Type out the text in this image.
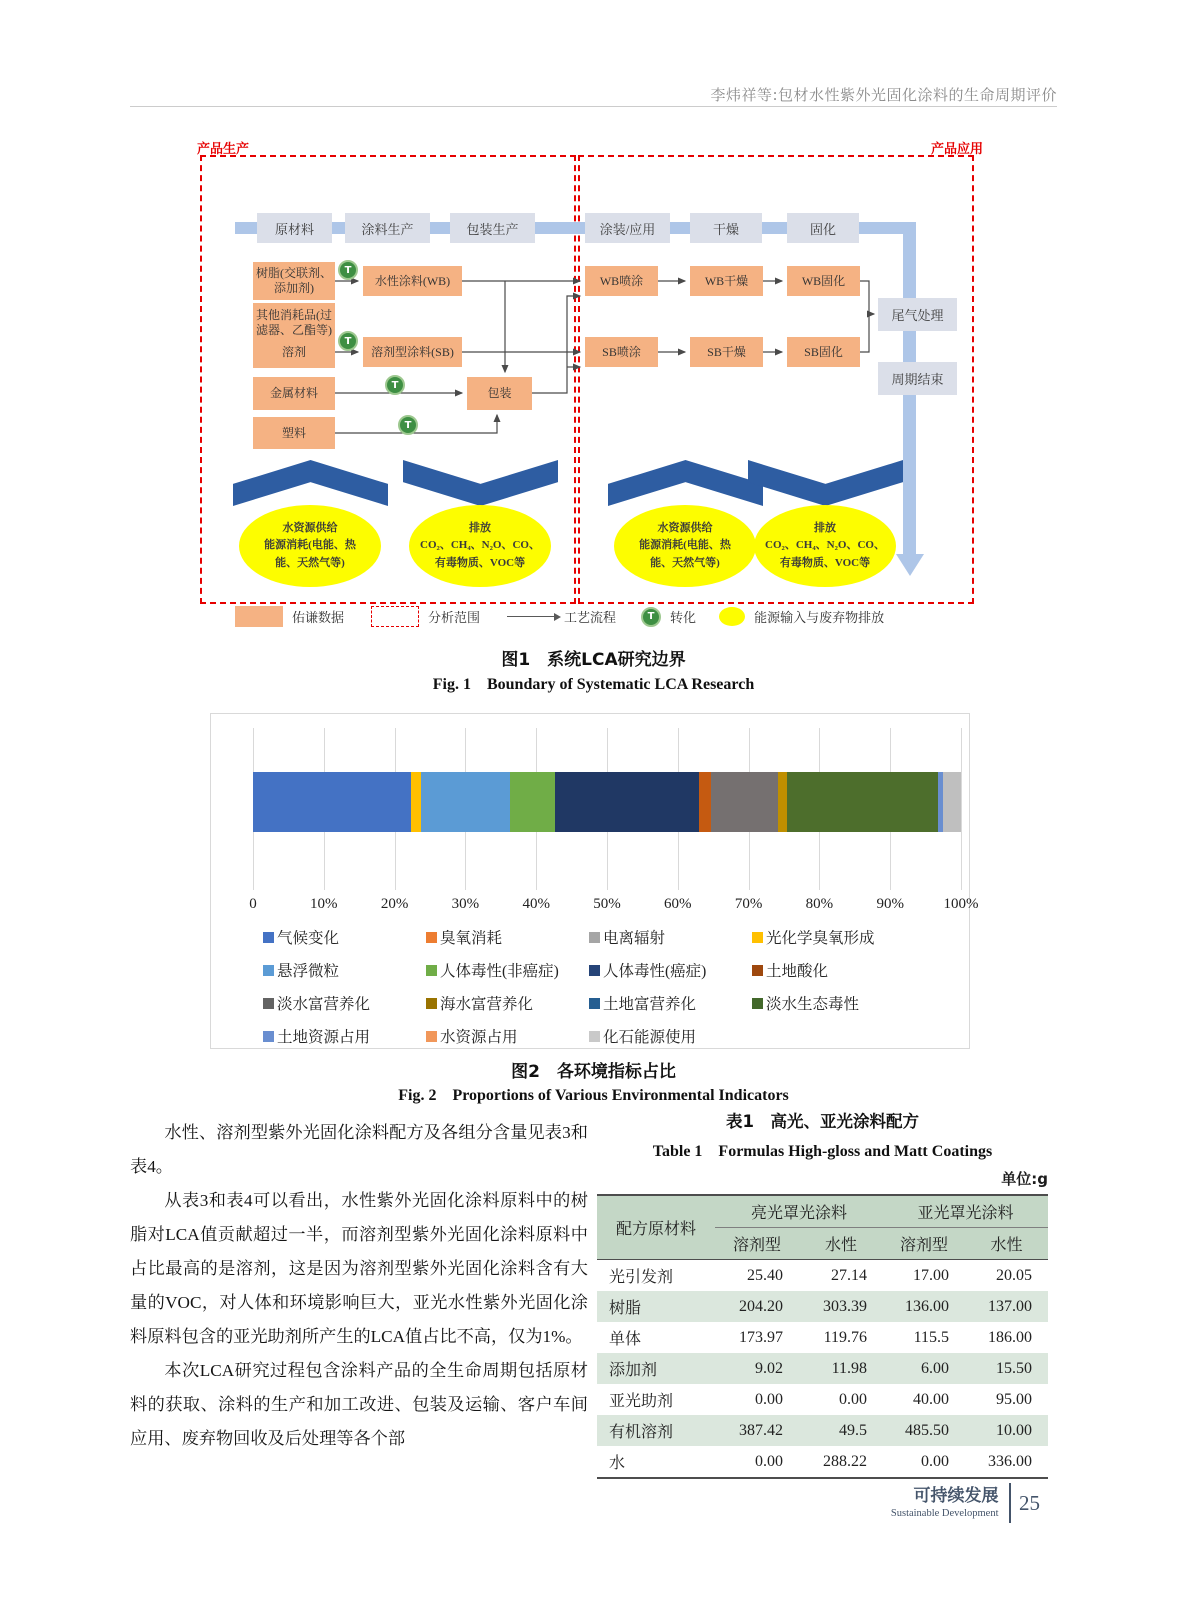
李炜祥等:包材水性紫外光固化涂料的生命周期评价
产品生产	产品应用
原材料	涂料生产	包装生产	涂装/应用	干燥	固化
树脂(交联剂、添加剂)
其他消耗品(过滤器、乙酯等)
溶剂
金属材料
塑料
水性涂料(WB)
溶剂型涂料(SB)
包装
WB喷涂	WB干燥	WB固化
SB喷涂	SB干燥	SB固化
尾气处理
周期结束
T
T
T
T
水资源供给
能源消耗(电能、热
能、天然气等)
排放
CO₂、CH₄、N₂O、CO、
有毒物质、VOC等
水资源供给
能源消耗(电能、热
能、天然气等)
排放
CO₂、CH₄、N₂O、CO、
有毒物质、VOC等
佑谦数据	分析范围	工艺流程	T	转化	能源输入与废弃物排放
图1　系统LCA研究边界
Fig. 1　Boundary of Systematic LCA Research
0	10%	20%	30%	40%	50%	60%	70%	80%	90%	100%
气候变化	臭氧消耗	电离辐射	光化学臭氧形成
悬浮微粒	人体毒性(非癌症)	人体毒性(癌症)	土地酸化
淡水富营养化	海水富营养化	土地富营养化	淡水生态毒性
土地资源占用	水资源占用	化石能源使用
图2　各环境指标占比
Fig. 2　Proportions of Various Environmental Indicators

水性、溶剂型紫外光固化涂料配方及各组分含量见表3和表4。

从表3和表4可以看出，水性紫外光固化涂料原料中的树脂对LCA值贡献超过一半，而溶剂型紫外光固化涂料原料中占比最高的是溶剂，这是因为溶剂型紫外光固化涂料含有大量的VOC，对人体和环境影响巨大，亚光水性紫外光固化涂料原料包含的亚光助剂所产生的LCA值占比不高，仅为1%。

本次LCA研究过程包含涂料产品的全生命周期包括原材料的获取、涂料的生产和加工改进、包装及运输、客户车间应用、废弃物回收及后处理等各个部

表1　高光、亚光涂料配方
Table 1　Formulas High-gloss and Matt Coatings
单位:g
配方原材料	亮光罩光涂料		亚光罩光涂料	
	溶剂型	水性	溶剂型	水性
光引发剂	25.40	27.14	17.00	20.05
树脂	204.20	303.39	136.00	137.00
单体	173.97	119.76	115.5	186.00
添加剂	9.02	11.98	6.00	15.50
亚光助剂	0.00	0.00	40.00	95.00
有机溶剂	387.42	49.5	485.50	10.00
水	0.00	288.22	0.00	336.00
可持续发展
Sustainable Development 25
